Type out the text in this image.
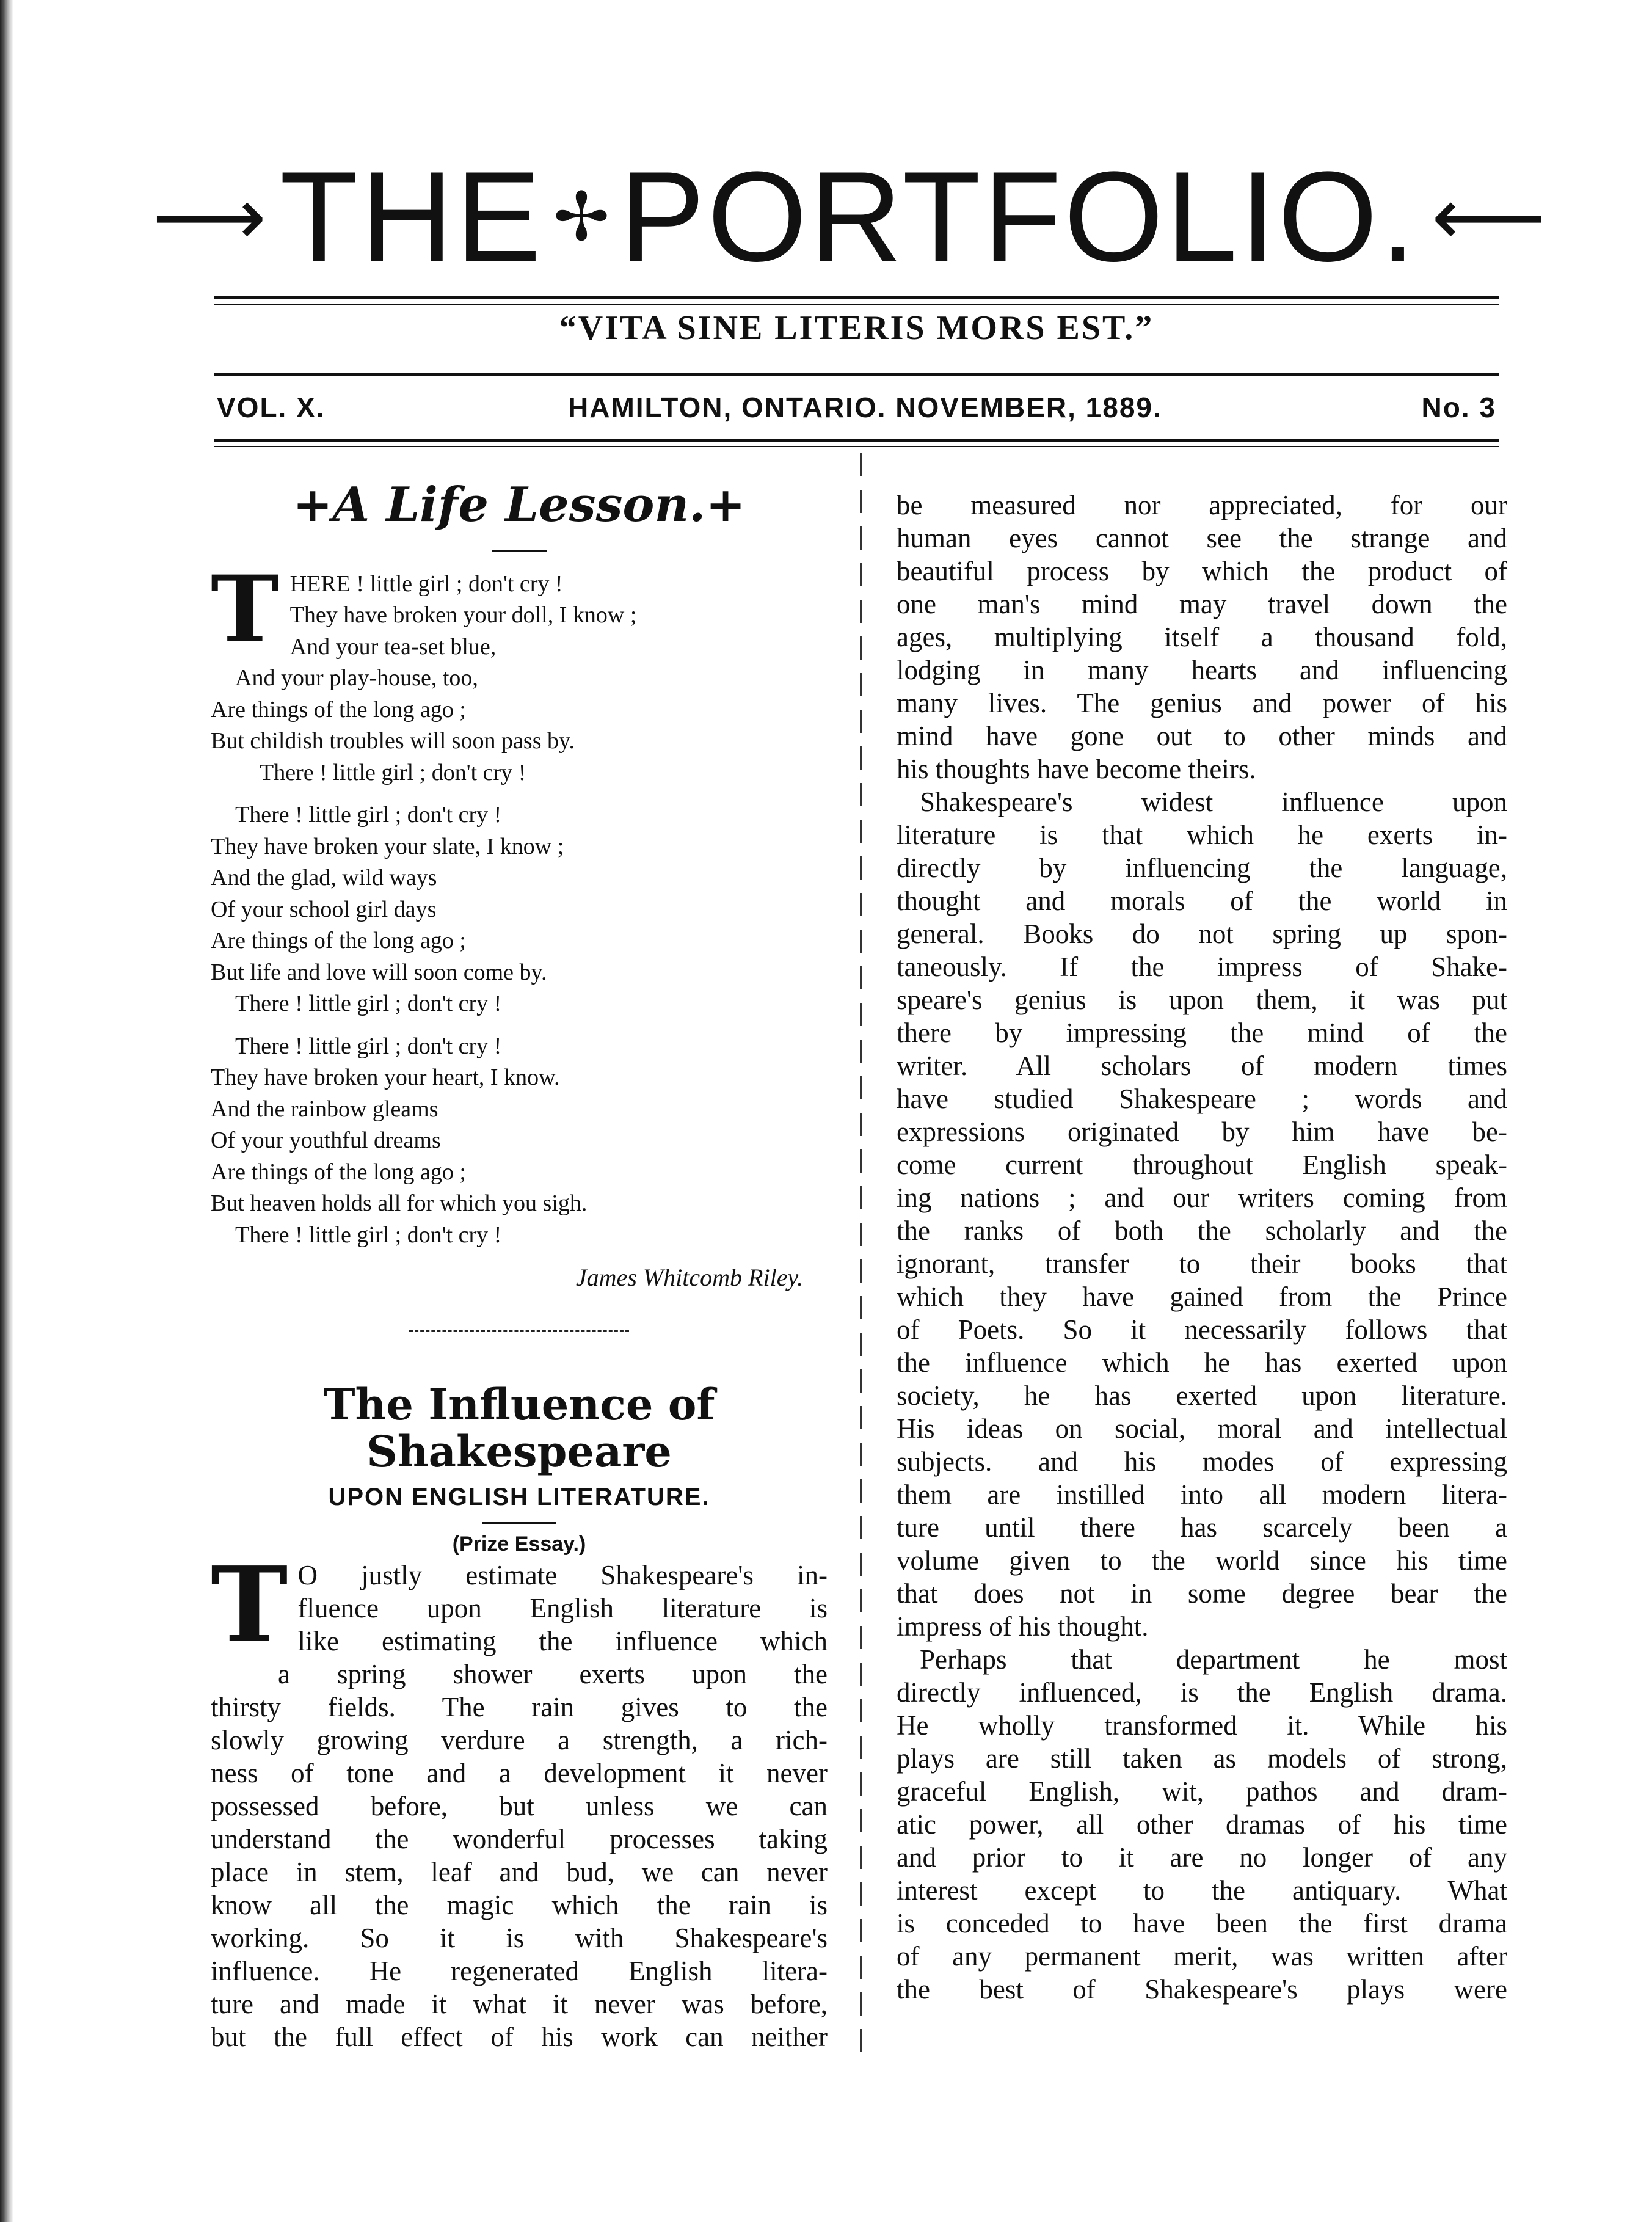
⟶ THE ✢ PORTFOLIO. ⟵
“VITA SINE LITERIS MORS EST.”
VOL. X.	HAMILTON, ONTARIO. NOVEMBER, 1889.	No. 3
+A Life Lesson.+
T HERE ! little girl ; don't cry !
They have broken your doll, I know ;
And your tea-set blue,
And your play-house, too,
Are things of the long ago ;
But childish troubles will soon pass by.
There ! little girl ; don't cry !
There ! little girl ; don't cry !
They have broken your slate, I know ;
And the glad, wild ways
Of your school girl days
Are things of the long ago ;
But life and love will soon come by.
There ! little girl ; don't cry !
There ! little girl ; don't cry !
They have broken your heart, I know.
And the rainbow gleams
Of your youthful dreams
Are things of the long ago ;
But heaven holds all for which you sigh.
There ! little girl ; don't cry !
James Whitcomb Riley.
The Influence of Shakespeare
UPON ENGLISH LITERATURE.
(Prize Essay.)
T O justly estimate Shakespeare's in-
fluence upon English literature is
like estimating the influence which
a spring shower exerts upon the
thirsty fields. The rain gives to the
slowly growing verdure a strength, a rich-
ness of tone and a development it never
possessed before, but unless we can
understand the wonderful processes taking
place in stem, leaf and bud, we can never
know all the magic which the rain is
working. So it is with Shakespeare's
influence. He regenerated English litera-
ture and made it what it never was before,
but the full effect of his work can neither
be measured nor appreciated, for our
human eyes cannot see the strange and
beautiful process by which the product of
one man's mind may travel down the
ages, multiplying itself a thousand fold,
lodging in many hearts and influencing
many lives. The genius and power of his
mind have gone out to other minds and
his thoughts have become theirs.
Shakespeare's widest influence upon
literature is that which he exerts in-
directly by influencing the language,
thought and morals of the world in
general. Books do not spring up spon-
taneously. If the impress of Shake-
speare's genius is upon them, it was put
there by impressing the mind of the
writer. All scholars of modern times
have studied Shakespeare ; words and
expressions originated by him have be-
come current throughout English speak-
ing nations ; and our writers coming from
the ranks of both the scholarly and the
ignorant, transfer to their books that
which they have gained from the Prince
of Poets. So it necessarily follows that
the influence which he has exerted upon
society, he has exerted upon literature.
His ideas on social, moral and intellectual
subjects. and his modes of expressing
them are instilled into all modern litera-
ture until there has scarcely been a
volume given to the world since his time
that does not in some degree bear the
impress of his thought.
Perhaps that department he most
directly influenced, is the English drama.
He wholly transformed it. While his
plays are still taken as models of strong,
graceful English, wit, pathos and dram-
atic power, all other dramas of his time
and prior to it are no longer of any
interest except to the antiquary. What
is conceded to have been the first drama
of any permanent merit, was written after
the best of Shakespeare's plays were
